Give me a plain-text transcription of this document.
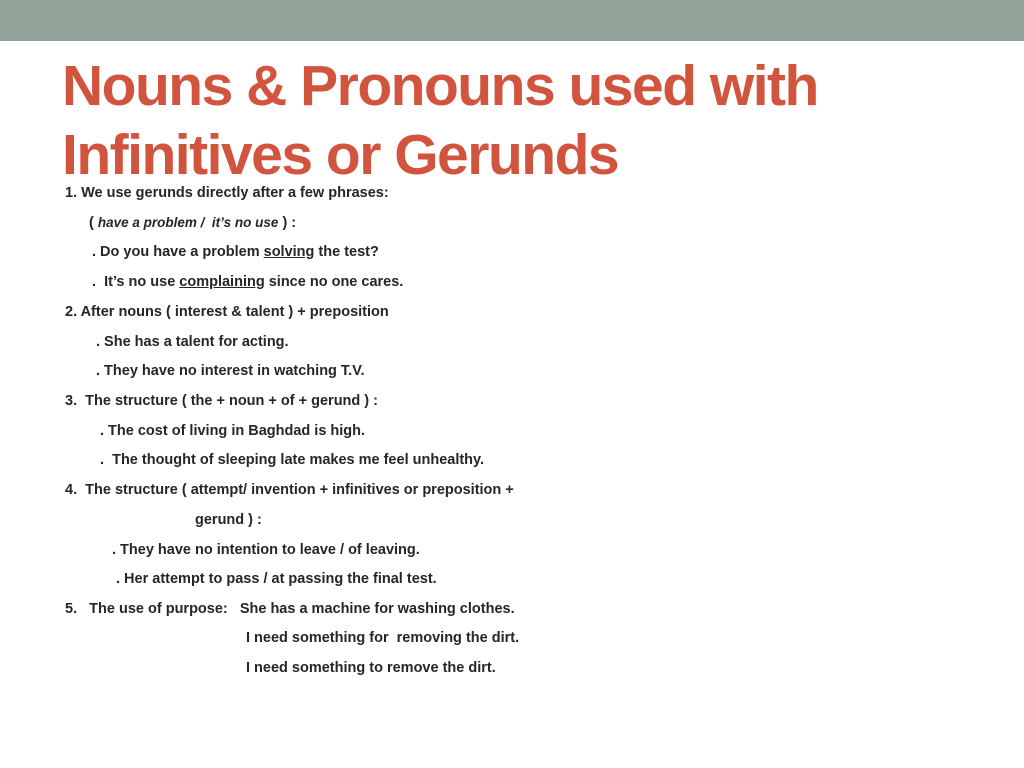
Nouns & Pronouns used with
Infinitives or Gerunds
1. We use gerunds directly after a few phrases:
( have a problem /  it’s no use ) :
. Do you have a problem solving the test?
.  It’s no use complaining since no one cares.
2. After nouns ( interest & talent ) + preposition
. She has a talent for acting.
. They have no interest in watching T.V.
3.  The structure ( the + noun + of + gerund ) :
. The cost of living in Baghdad is high.
.  The thought of sleeping late makes me feel unhealthy.
4.  The structure ( attempt/ invention + infinitives or preposition +
gerund ) :
. They have no intention to leave / of leaving.
. Her attempt to pass / at passing the final test.
5.   The use of purpose:   She has a machine for washing clothes.
I need something for  removing the dirt.
I need something to remove the dirt.
